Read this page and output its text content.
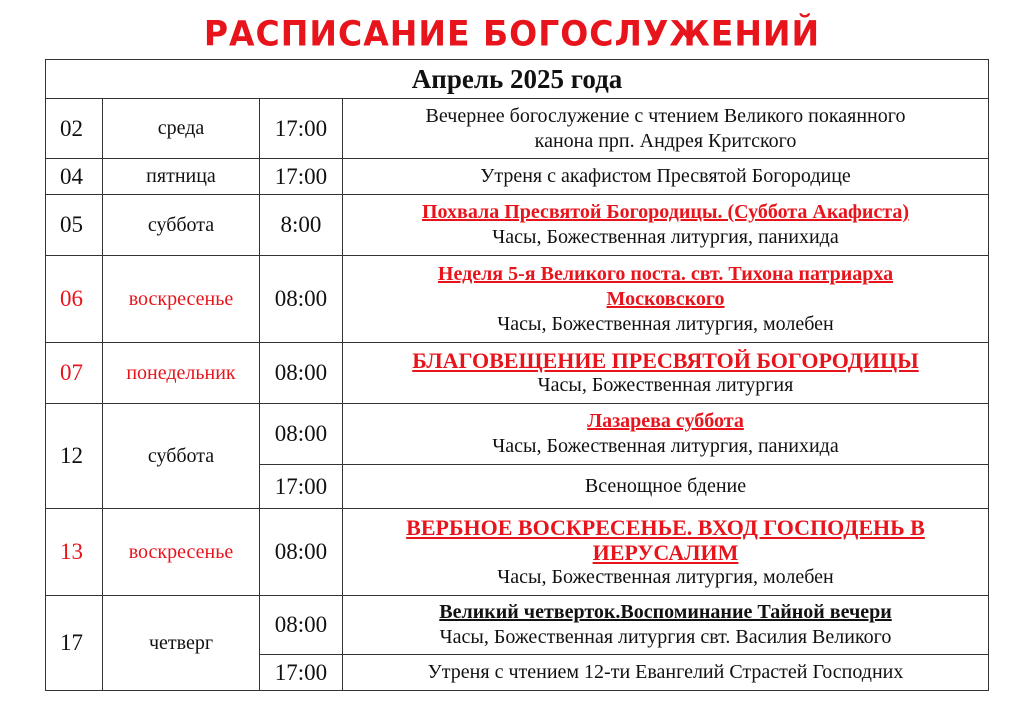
РАСПИСАНИЕ БОГОСЛУЖЕНИЙ
Апрель 2025 года			
02	среда	17:00	Вечернее богослужение с чтением Великого покаянного
канона прп. Андрея Критского

04	пятница	17:00	Утреня с акафистом Пресвятой Богородице

05	суббота	8:00	Похвала Пресвятой Богородицы. (Суббота Акафиста)
Часы, Божественная литургия, панихида

06	воскресенье	08:00	Неделя 5-я Великого поста. свт. Тихона патриарха
Московского
Часы, Божественная литургия, молебен

07	понедельник	08:00	БЛАГОВЕЩЕНИЕ ПРЕСВЯТОЙ БОГОРОДИЦЫ
Часы, Божественная литургия

12	суббота	08:00	Лазарева суббота
Часы, Божественная литургия, панихида

		17:00	Всенощное бдение

13	воскресенье	08:00	ВЕРБНОЕ ВОСКРЕСЕНЬЕ. ВХОД ГОСПОДЕНЬ В
ИЕРУСАЛИМ
Часы, Божественная литургия, молебен

17	четверг	08:00	Великий четверток.Воспоминание Тайной вечери
Часы, Божественная литургия свт. Василия Великого

		17:00	Утреня с чтением 12-ти Евангелий Страстей Господних
